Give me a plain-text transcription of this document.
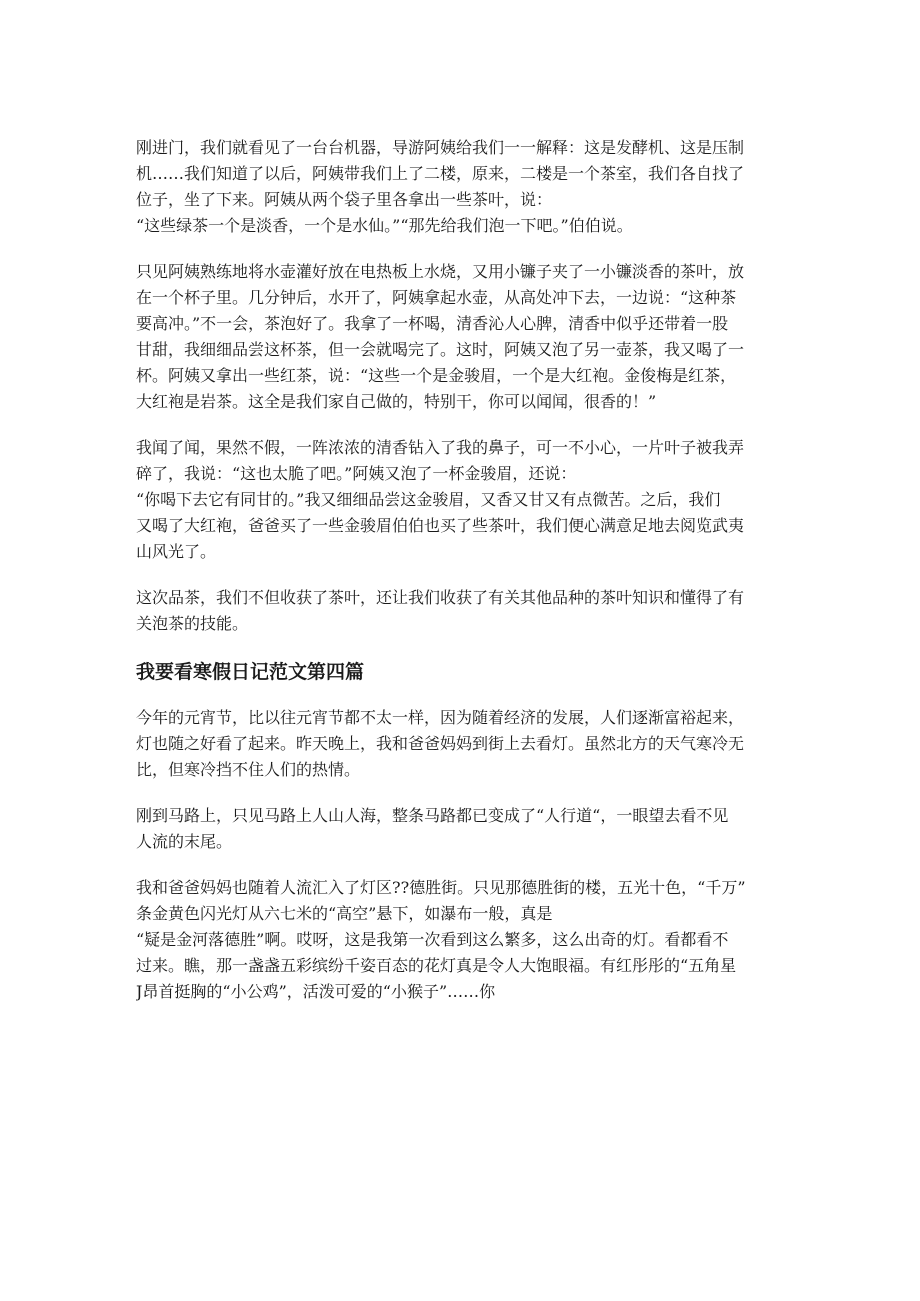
刚进门，我们就看见了一台台机器，导游阿姨给我们一一解释：这是发酵机、这是压制
机……我们知道了以后，阿姨带我们上了二楼，原来，二楼是一个茶室，我们各自找了
位子，坐了下来。阿姨从两个袋子里各拿出一些茶叶，说：
“这些绿茶一个是淡香，一个是水仙。”“那先给我们泡一下吧。”伯伯说。

只见阿姨熟练地将水壶灌好放在电热板上水烧，又用小镰子夹了一小镰淡香的茶叶，放
在一个杯子里。几分钟后，水开了，阿姨拿起水壶，从高处冲下去，一边说：“这种茶
要高冲。”不一会，茶泡好了。我拿了一杯喝，清香沁人心脾，清香中似乎还带着一股
甘甜，我细细品尝这杯茶，但一会就喝完了。这时，阿姨又泡了另一壶茶，我又喝了一
杯。阿姨又拿出一些红茶，说：“这些一个是金骏眉，一个是大红袍。金俊梅是红茶，
大红袍是岩茶。这全是我们家自己做的，特别干，你可以闻闻，很香的！”

我闻了闻，果然不假，一阵浓浓的清香钻入了我的鼻子，可一不小心，一片叶子被我弄
碎了，我说：“这也太脆了吧。”阿姨又泡了一杯金骏眉，还说：
“你喝下去它有同甘的。”我又细细品尝这金骏眉，又香又甘又有点微苦。之后，我们
又喝了大红袍，爸爸买了一些金骏眉伯伯也买了些茶叶，我们便心满意足地去阅览武夷
山风光了。

这次品茶，我们不但收获了茶叶，还让我们收获了有关其他品种的茶叶知识和懂得了有
关泡茶的技能。

我要看寒假日记范文第四篇

今年的元宵节，比以往元宵节都不太一样，因为随着经济的发展，人们逐渐富裕起来，
灯也随之好看了起来。昨天晚上，我和爸爸妈妈到街上去看灯。虽然北方的天气寒冷无
比，但寒冷挡不住人们的热情。

刚到马路上，只见马路上人山人海，整条马路都已变成了“人行道“，一眼望去看不见
人流的末尾。

我和爸爸妈妈也随着人流汇入了灯区??德胜街。只见那德胜街的楼，五光十色，“千万”
条金黄色闪光灯从六七米的“高空”悬下，如瀑布一般，真是
“疑是金河落德胜”啊。哎呀，这是我第一次看到这么繁多，这么出奇的灯。看都看不
过来。瞧，那一盏盏五彩缤纷千姿百态的花灯真是令人大饱眼福。有红彤彤的“五角星
J昂首挺胸的“小公鸡”，活泼可爱的“小猴子”……你
